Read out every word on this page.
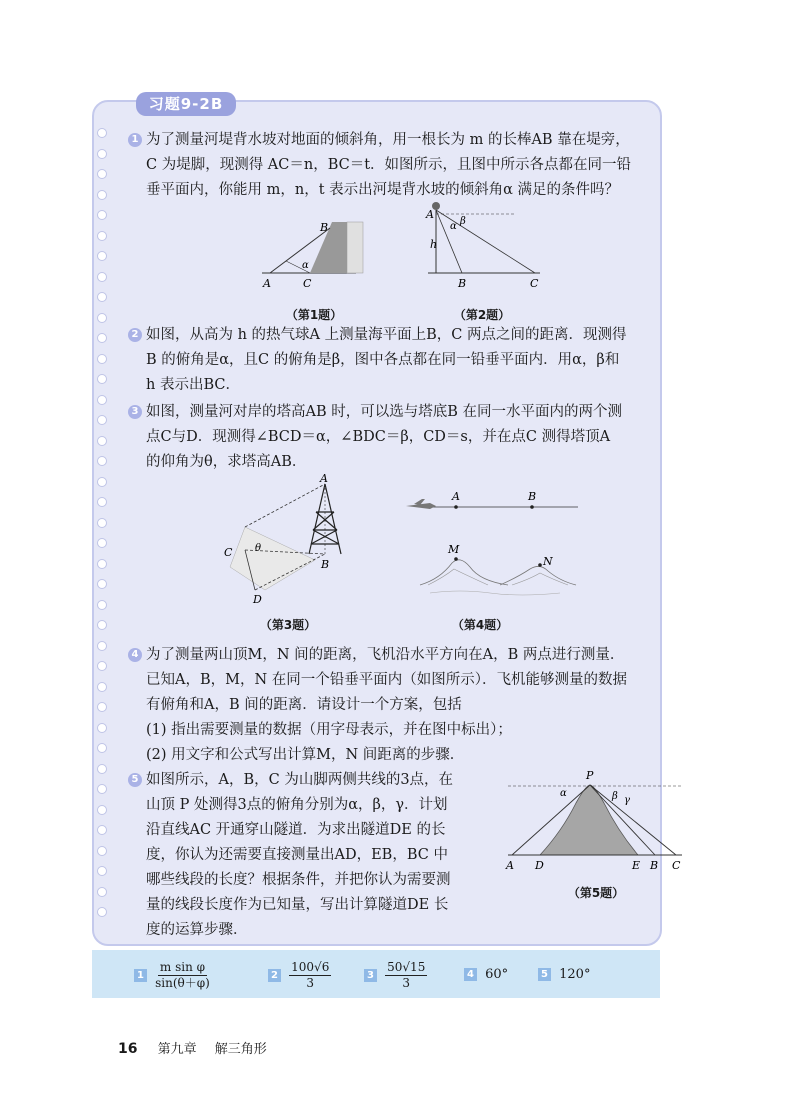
习题9-2B
1 为了测量河堤背水坡对地面的倾斜角，用一根长为 m 的长棒AB 靠在堤旁，

C 为堤脚，现测得 AC＝n，BC＝t．如图所示，且图中所示各点都在同一铅

垂平面内，你能用 m，n，t 表示出河堤背水坡的倾斜角α 满足的条件吗？

A	C
B
α
（第1题）
A
h
α β
B	C
（第2题）
2 如图，从高为 h 的热气球A 上测量海平面上B，C 两点之间的距离．现测得

B 的俯角是α，且C 的俯角是β，图中各点都在同一铅垂平面内．用α，β和

h 表示出BC．

3 如图，测量河对岸的塔高AB 时，可以选与塔底B 在同一水平面内的两个测

点C与D．现测得∠BCD＝α，∠BDC＝β，CD＝s，并在点C 测得塔顶A

的仰角为θ，求塔高AB．

A
B
C
D
θ
（第3题）
A	B
M
N
（第4题）
4 为了测量两山顶M，N 间的距离，飞机沿水平方向在A，B 两点进行测量．

已知A，B，M，N 在同一个铅垂平面内（如图所示）．飞机能够测量的数据

有俯角和A，B 间的距离．请设计一个方案，包括

(1) 指出需要测量的数据（用字母表示，并在图中标出）；

(2) 用文字和公式写出计算M，N 间距离的步骤．

5 如图所示，A，B，C 为山脚两侧共线的3点，在

山顶 P 处测得3点的俯角分别为α，β，γ．计划

沿直线AC 开通穿山隧道．为求出隧道DE 的长

度，你认为还需要直接测量出AD，EB，BC 中

哪些线段的长度？根据条件，并把你认为需要测

量的线段长度作为已知量，写出计算隧道DE 长

度的运算步骤．

P
α	β γ
A D	E B C
（第5题）
$1 \frac{\text{m sin φ}}{\sin(\theta+\varphi)}$	$2 \frac{100√6}{3}$	$3 \frac{50√15}{3}$	4 60°	5 120°
16 第九章 解三角形
